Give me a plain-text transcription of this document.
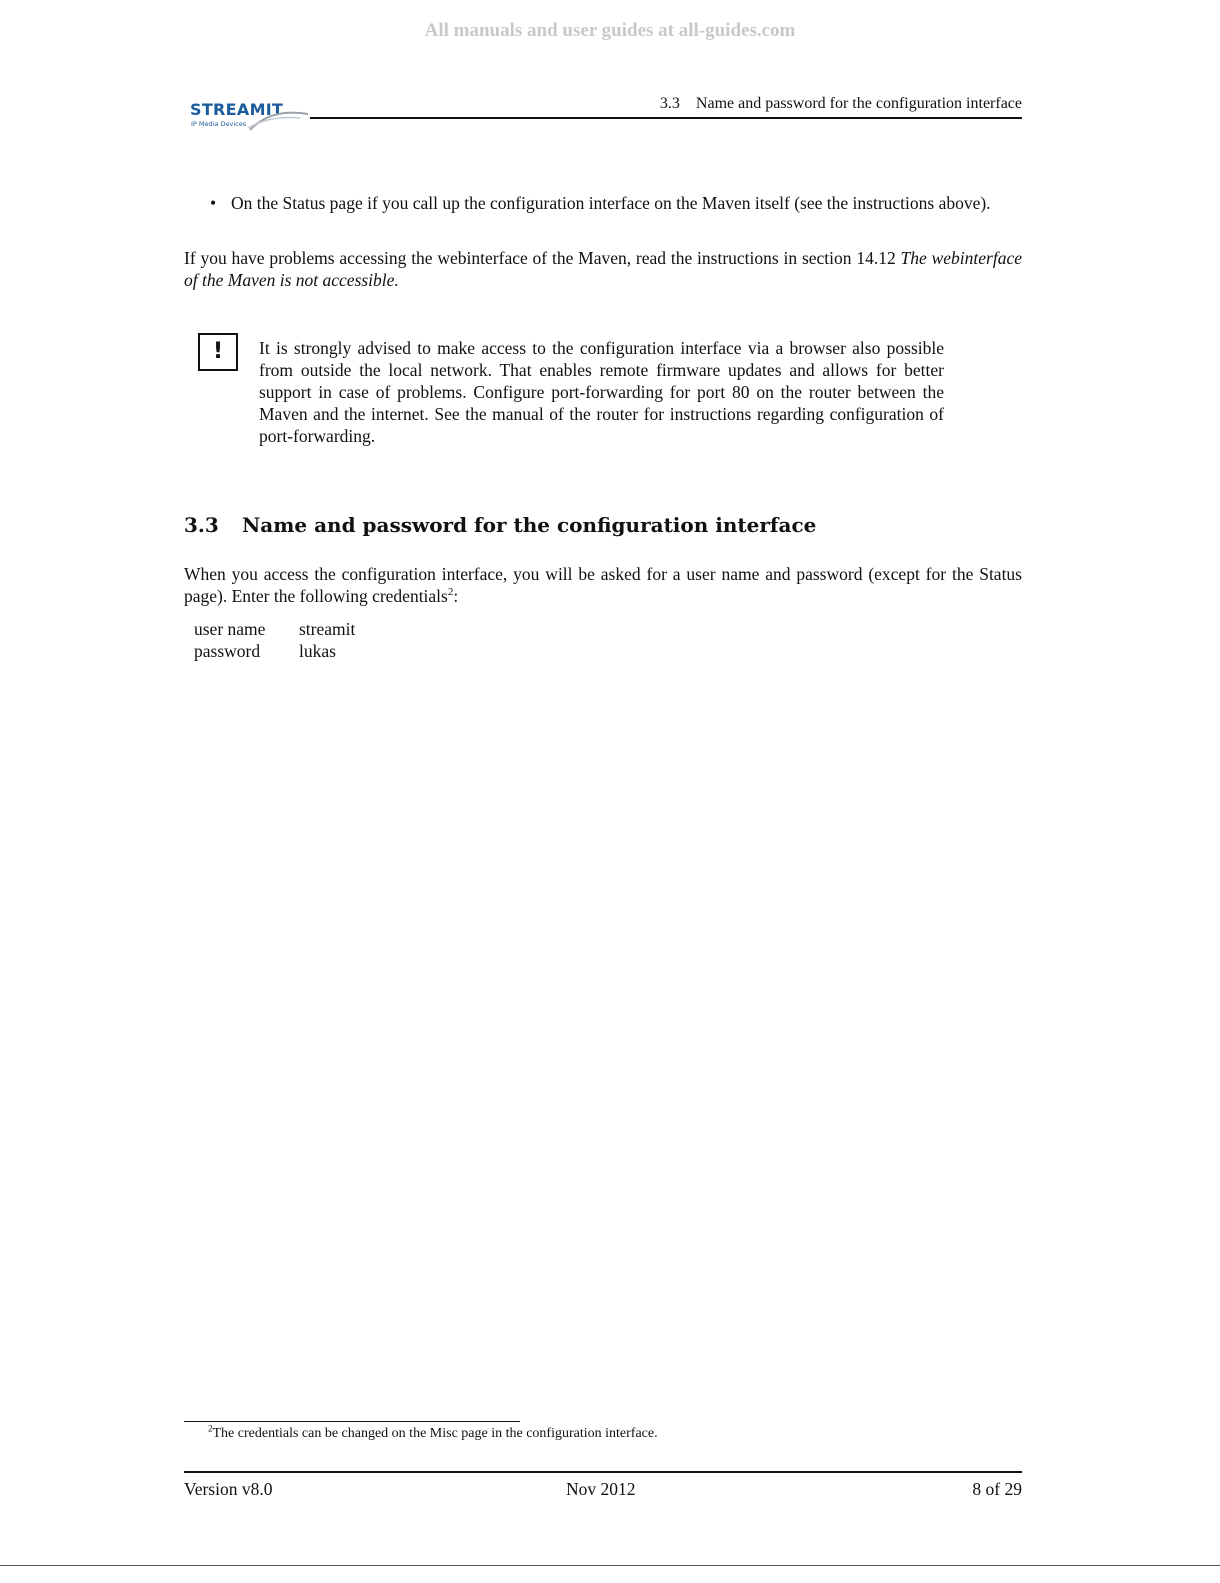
All manuals and user guides at all-guides.com
STREAMIT
IP Media Devices
3.3 Name and password for the configuration interface
• On the Status page if you call up the configuration interface on the Maven itself (see the instructions above).
If you have problems accessing the webinterface of the Maven, read the instructions in section 14.12 The webinterface of the Maven is not accessible.
!	It is strongly advised to make access to the configuration interface via a browser also possible from outside the local network. That enables remote firmware updates and allows for better support in case of problems. Configure port-forwarding for port 80 on the router between the Maven and the internet. See the manual of the router for instructions regarding configuration of port-forwarding.
3.3 Name and password for the configuration interface
When you access the configuration interface, you will be asked for a user name and password (except for the Status page). Enter the following credentials$^2$:
user name	streamit
password	lukas
$^2$The credentials can be changed on the Misc page in the configuration interface.
Version v8.0	Nov 2012	8 of 29
